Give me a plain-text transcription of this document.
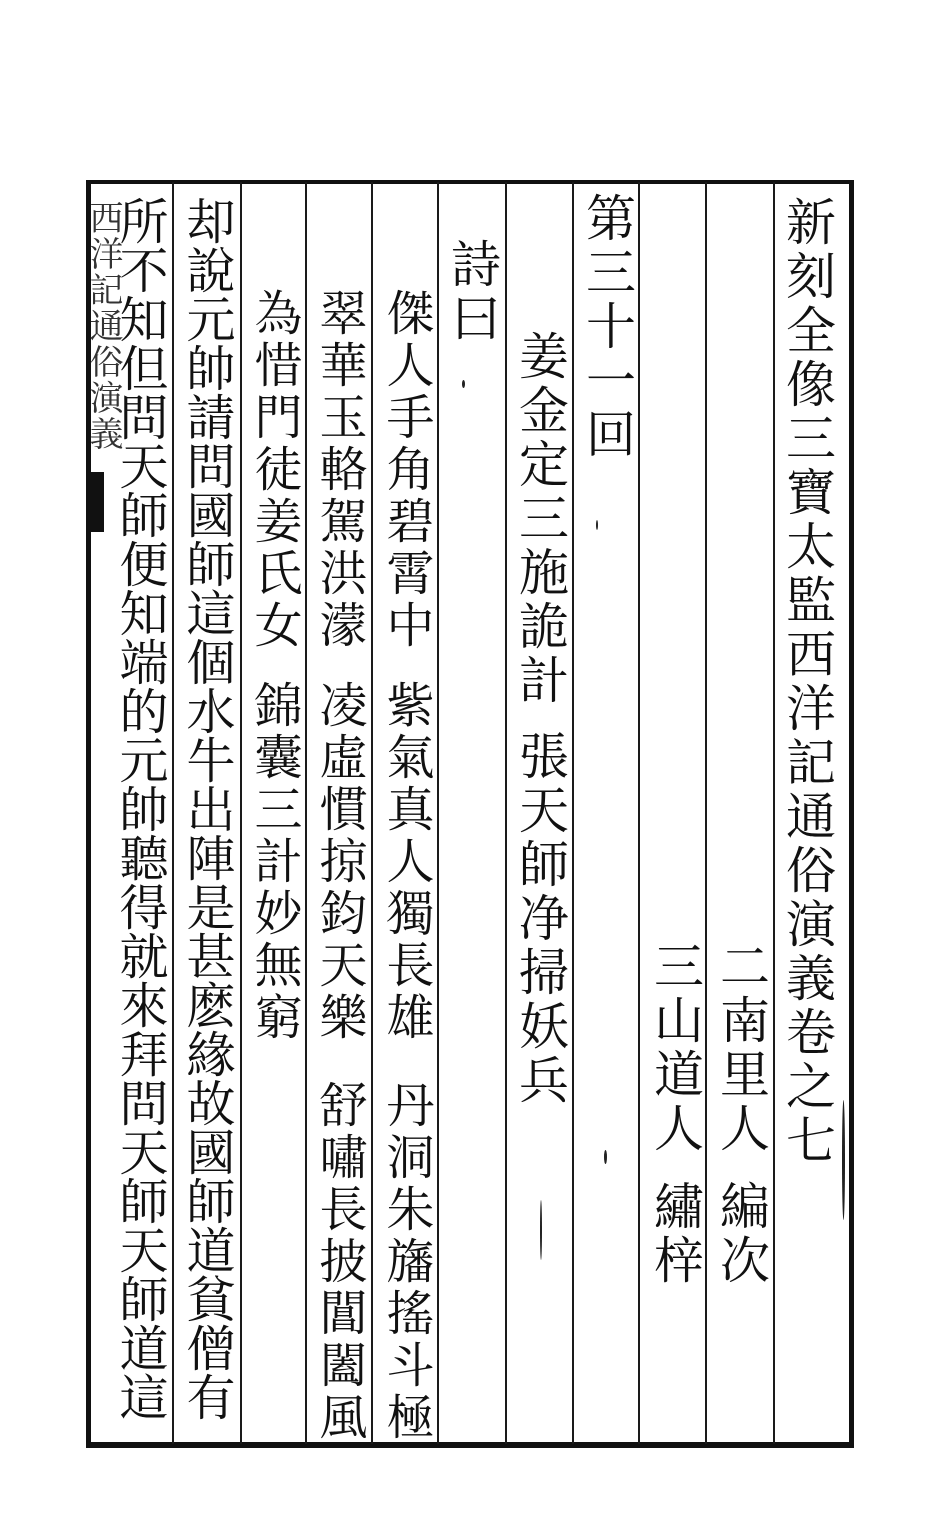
新刻全像三寶太監西洋記通俗演義卷之七
二南里人
編次
三山道人
繡梓
第三十一回
姜金定三施詭計
張天師净掃妖兵
詩曰
傑人手角碧霄中
紫氣真人獨長雄
丹洞朱旛搖斗極
翠華玉輅駕洪濛
凌虛慣掠鈞天樂
舒嘯長披閶闔風
為惜門徒姜氏女
錦囊三計妙無窮
却說元帥請問國師這個水牛出陣是甚麽緣故國師道貧僧有
所不知但問天師便知端的元帥聽得就來拜問天師天師道這
西洋記通俗演義
